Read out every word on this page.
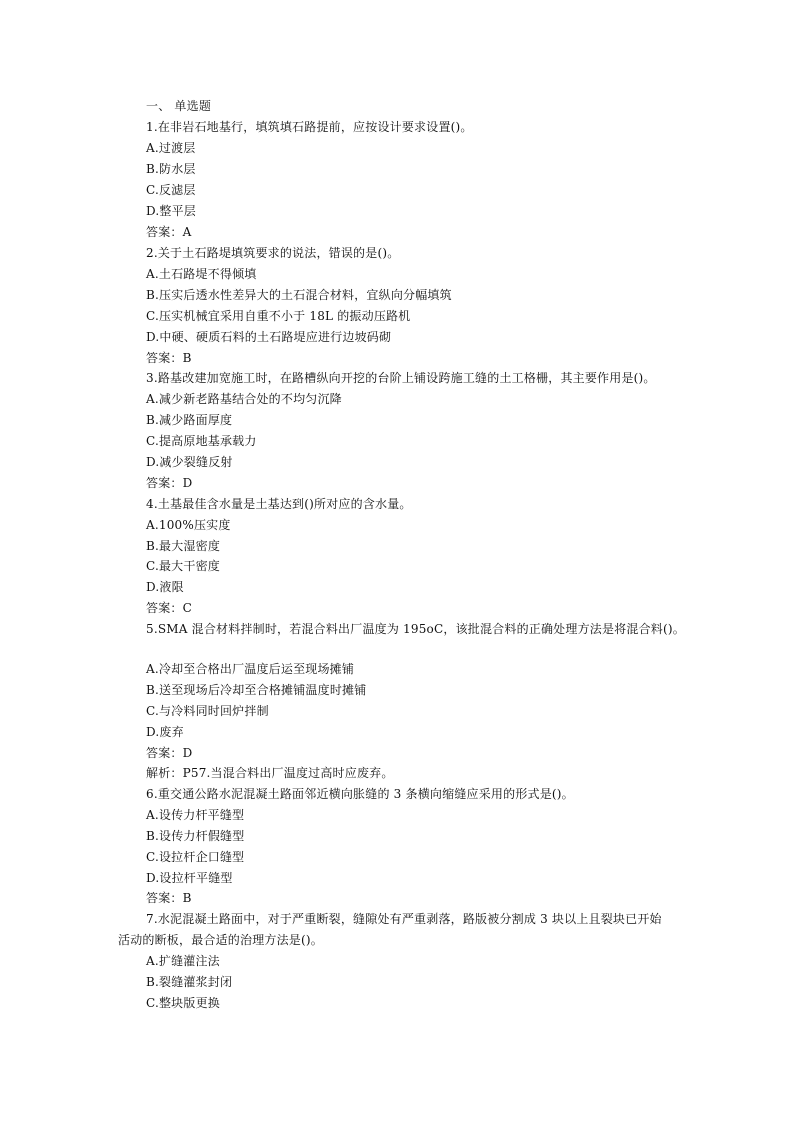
一、 单选题
1.在非岩石地基行，填筑填石路提前，应按设计要求设置()。
A.过渡层
B.防水层
C.反滤层
D.整平层
答案：A
2.关于土石路堤填筑要求的说法，错误的是()。
A.土石路堤不得倾填
B.压实后透水性差异大的土石混合材料，宜纵向分幅填筑
C.压实机械宜采用自重不小于 18L 的振动压路机
D.中硬、硬质石料的土石路堤应进行边坡码砌
答案：B
3.路基改建加宽施工时，在路槽纵向开挖的台阶上铺设跨施工缝的土工格栅，其主要作用是()。
A.减少新老路基结合处的不均匀沉降
B.减少路面厚度
C.提高原地基承载力
D.减少裂缝反射
答案：D
4.土基最佳含水量是土基达到()所对应的含水量。
A.100%压实度
B.最大湿密度
C.最大干密度
D.液限
答案：C
5.SMA 混合材料拌制时，若混合料出厂温度为 195oC，该批混合料的正确处理方法是将混合料()。
A.冷却至合格出厂温度后运至现场摊铺
B.送至现场后冷却至合格摊铺温度时摊铺
C.与冷料同时回炉拌制
D.废弃
答案：D
解析：P57.当混合料出厂温度过高时应废弃。
6.重交通公路水泥混凝土路面邻近横向胀缝的 3 条横向缩缝应采用的形式是()。
A.设传力杆平缝型
B.设传力杆假缝型
C.设拉杆企口缝型
D.设拉杆平缝型
答案：B
7.水泥混凝土路面中，对于严重断裂，缝隙处有严重剥落，路版被分割成 3 块以上且裂块已开始
活动的断板，最合适的治理方法是()。
A.扩缝灌注法
B.裂缝灌浆封闭
C.整块版更换
